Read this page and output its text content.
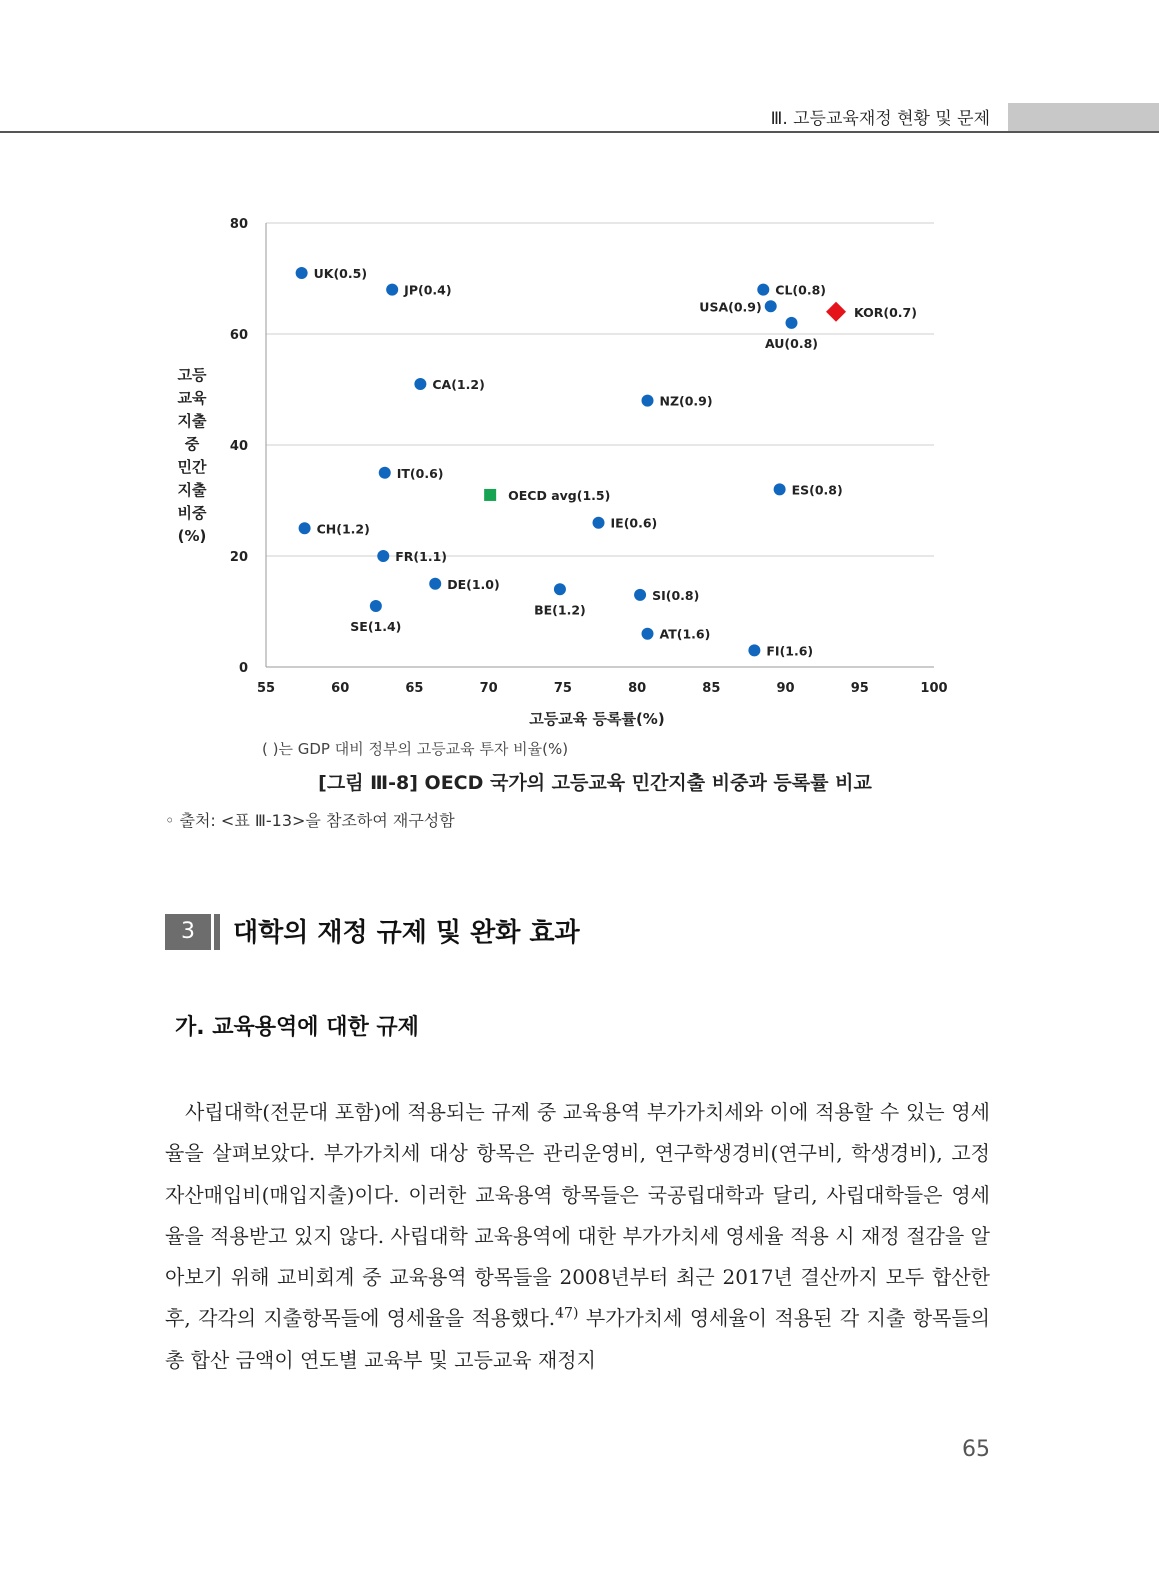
Ⅲ. 고등교육재정 현황 및 문제
0
20
40
60
80
55	60	65	70	75	80	85	90	95	100
UK(0.5)
JP(0.4)
CA(1.2)
IT(0.6)
CH(1.2)
FR(1.1)
DE(1.0)
SE(1.4)
BE(1.2)
IE(0.6)
NZ(0.9)
SI(0.8)
AT(1.6)
FI(1.6)
CL(0.8)
USA(0.9)
AU(0.8)
ES(0.8)
OECD avg(1.5)
KOR(0.7)
고등교육 등록률(%)
고등
교육
지출
중
민간
지출
비중
(%)
( )는 GDP 대비 정부의 고등교육 투자 비율(%)
[그림 Ⅲ-8] OECD 국가의 고등교육 민간지출 비중과 등록률 비교
◦ 출처: <표 Ⅲ-13>을 참조하여 재구성함
3	대학의 재정 규제 및 완화 효과
가. 교육용역에 대한 규제

사립대학(전문대 포함)에 적용되는 규제 중 교육용역 부가가치세와 이에 적용할 수 있는 영세율을 살펴보았다. 부가가치세 대상 항목은 관리운영비, 연구학생경비(연구비, 학생경비), 고정자산매입비(매입지출)이다. 이러한 교육용역 항목들은 국공립대학과 달리, 사립대학들은 영세율을 적용받고 있지 않다. 사립대학 교육용역에 대한 부가가치세 영세율 적용 시 재정 절감을 알아보기 위해 교비회계 중 교육용역 항목들을 2008년부터 최근 2017년 결산까지 모두 합산한 후, 각각의 지출항목들에 영세율을 적용했다.$^{47)}$ 부가가치세 영세율이 적용된 각 지출 항목들의 총 합산 금액이 연도별 교육부 및 고등교육 재정지

65
